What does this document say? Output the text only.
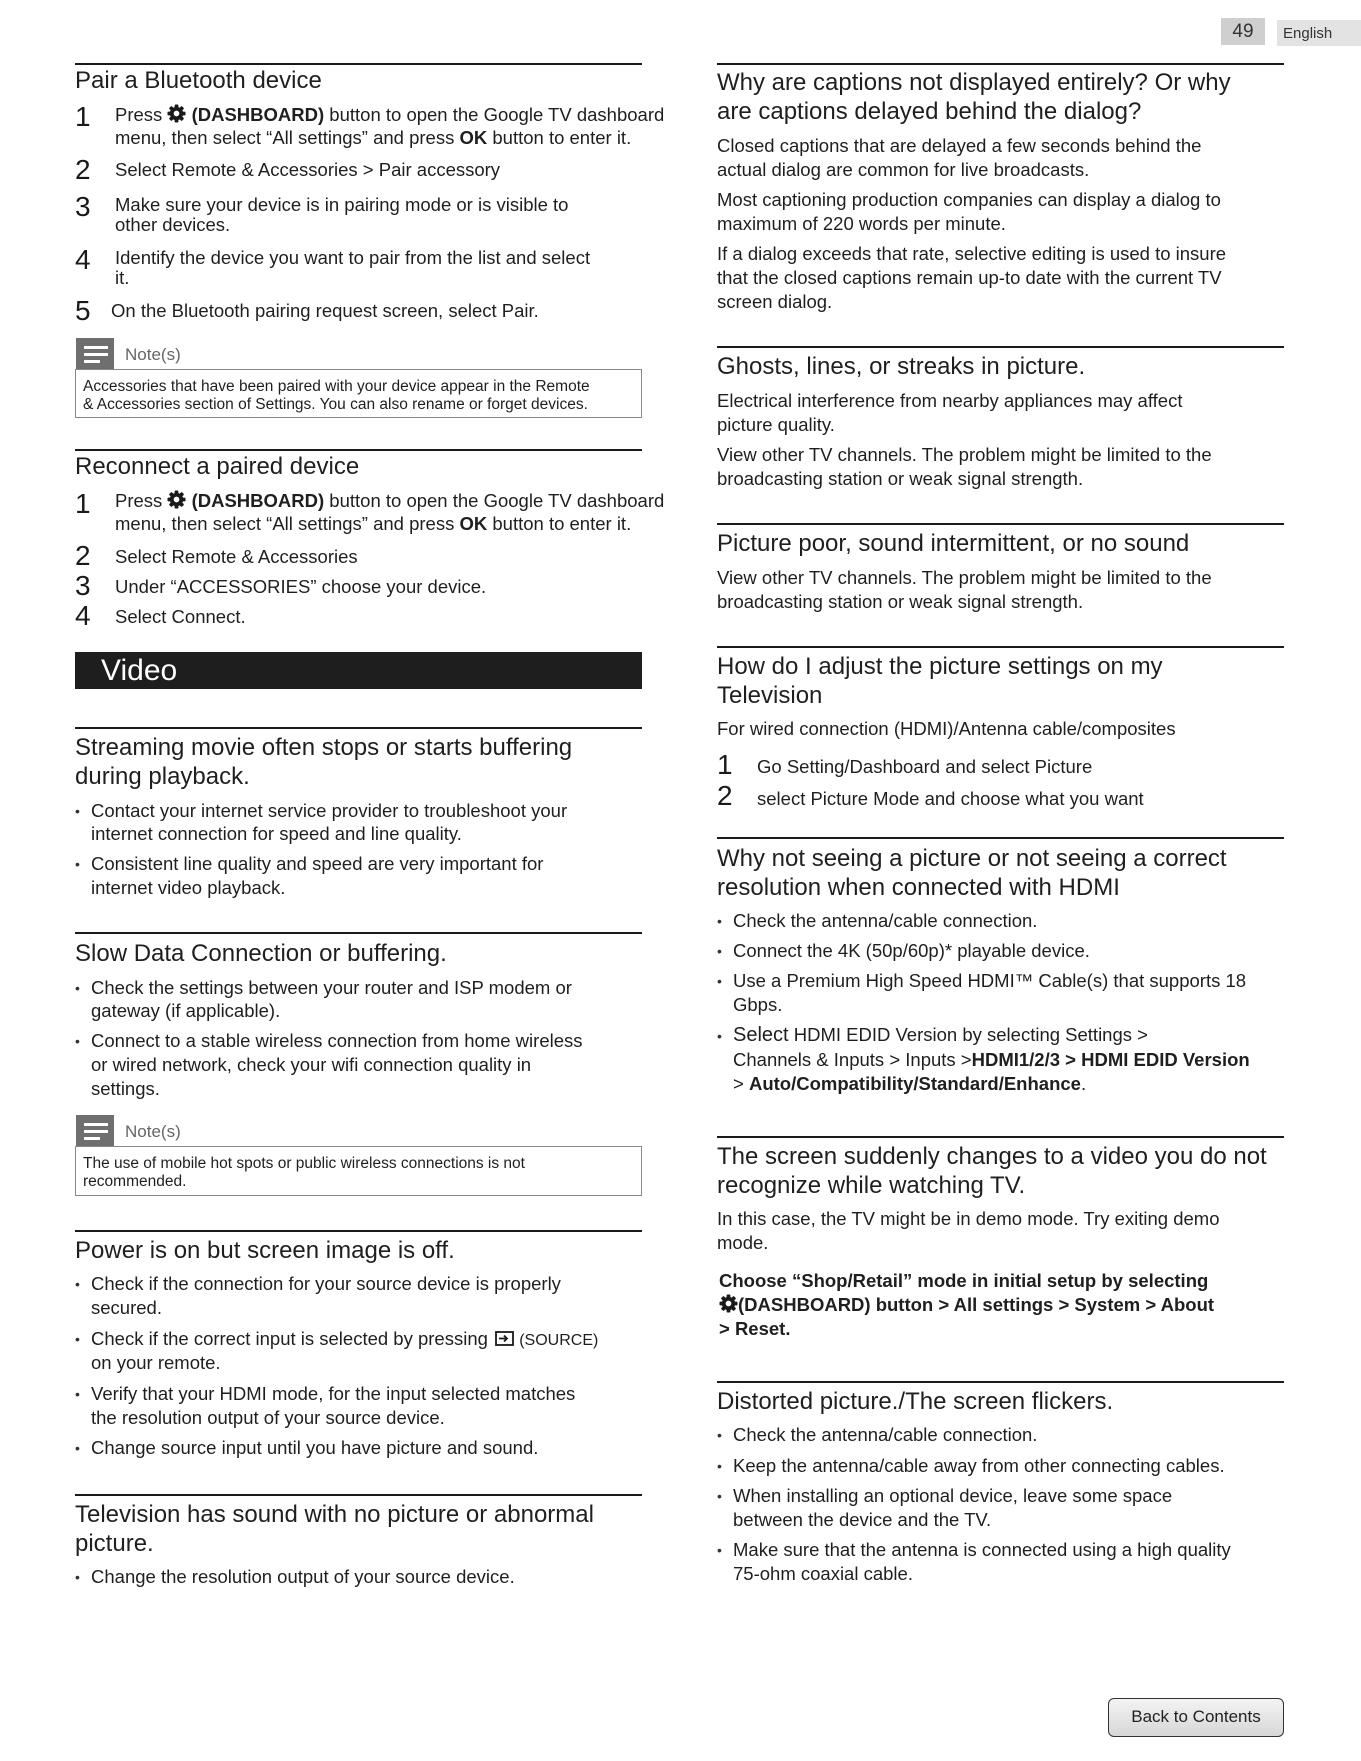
49	English
Pair a Bluetooth device
1 Press (DASHBOARD) button to open the Google TV dashboard
menu, then select “All settings” and press OK button to enter it.
2 Select Remote & Accessories > Pair accessory
3 Make sure your device is in pairing mode or is visible to
other devices.
4 Identify the device you want to pair from the list and select
it.
5 On the Bluetooth pairing request screen, select Pair.
Note(s)
Accessories that have been paired with your device appear in the Remote
& Accessories section of Settings. You can also rename or forget devices.
Reconnect a paired device
1 Press (DASHBOARD) button to open the Google TV dashboard
menu, then select “All settings” and press OK button to enter it.
2 Select Remote & Accessories
3 Under “ACCESSORIES” choose your device.
4 Select Connect.
Video
Streaming movie often stops or starts buffering
during playback.
• Contact your internet service provider to troubleshoot your
internet connection for speed and line quality.
• Consistent line quality and speed are very important for
internet video playback.
Slow Data Connection or buffering.
• Check the settings between your router and ISP modem or
gateway (if applicable).
• Connect to a stable wireless connection from home wireless
or wired network, check your wifi connection quality in
settings.
Note(s)
The use of mobile hot spots or public wireless connections is not
recommended.
Power is on but screen image is off.
• Check if the connection for your source device is properly
secured.
• Check if the correct input is selected by pressing (SOURCE)
on your remote.
• Verify that your HDMI mode, for the input selected matches
the resolution output of your source device.
• Change source input until you have picture and sound.
Television has sound with no picture or abnormal
picture.
• Change the resolution output of your source device.
Why are captions not displayed entirely? Or why
are captions delayed behind the dialog?
Closed captions that are delayed a few seconds behind the
actual dialog are common for live broadcasts.
Most captioning production companies can display a dialog to
maximum of 220 words per minute.
If a dialog exceeds that rate, selective editing is used to insure
that the closed captions remain up-to date with the current TV
screen dialog.
Ghosts, lines, or streaks in picture.
Electrical interference from nearby appliances may affect
picture quality.
View other TV channels. The problem might be limited to the
broadcasting station or weak signal strength.
Picture poor, sound intermittent, or no sound
View other TV channels. The problem might be limited to the
broadcasting station or weak signal strength.
How do I adjust the picture settings on my
Television
For wired connection (HDMI)/Antenna cable/composites
1 Go Setting/Dashboard and select Picture
2 select Picture Mode and choose what you want
Why not seeing a picture or not seeing a correct
resolution when connected with HDMI
• Check the antenna/cable connection.
• Connect the 4K (50p/60p)* playable device.
• Use a Premium High Speed HDMI™ Cable(s) that supports 18
Gbps.
• Select HDMI EDID Version by selecting Settings >
Channels & Inputs > Inputs >HDMI1/2/3 > HDMI EDID Version
> Auto/Compatibility/Standard/Enhance.
The screen suddenly changes to a video you do not
recognize while watching TV.
In this case, the TV might be in demo mode. Try exiting demo
mode.
Choose “Shop/Retail” mode in initial setup by selecting
(DASHBOARD) button > All settings > System > About
> Reset.
Distorted picture./The screen flickers.
• Check the antenna/cable connection.
• Keep the antenna/cable away from other connecting cables.
• When installing an optional device, leave some space
between the device and the TV.
• Make sure that the antenna is connected using a high quality
75-ohm coaxial cable.
Back to Contents
